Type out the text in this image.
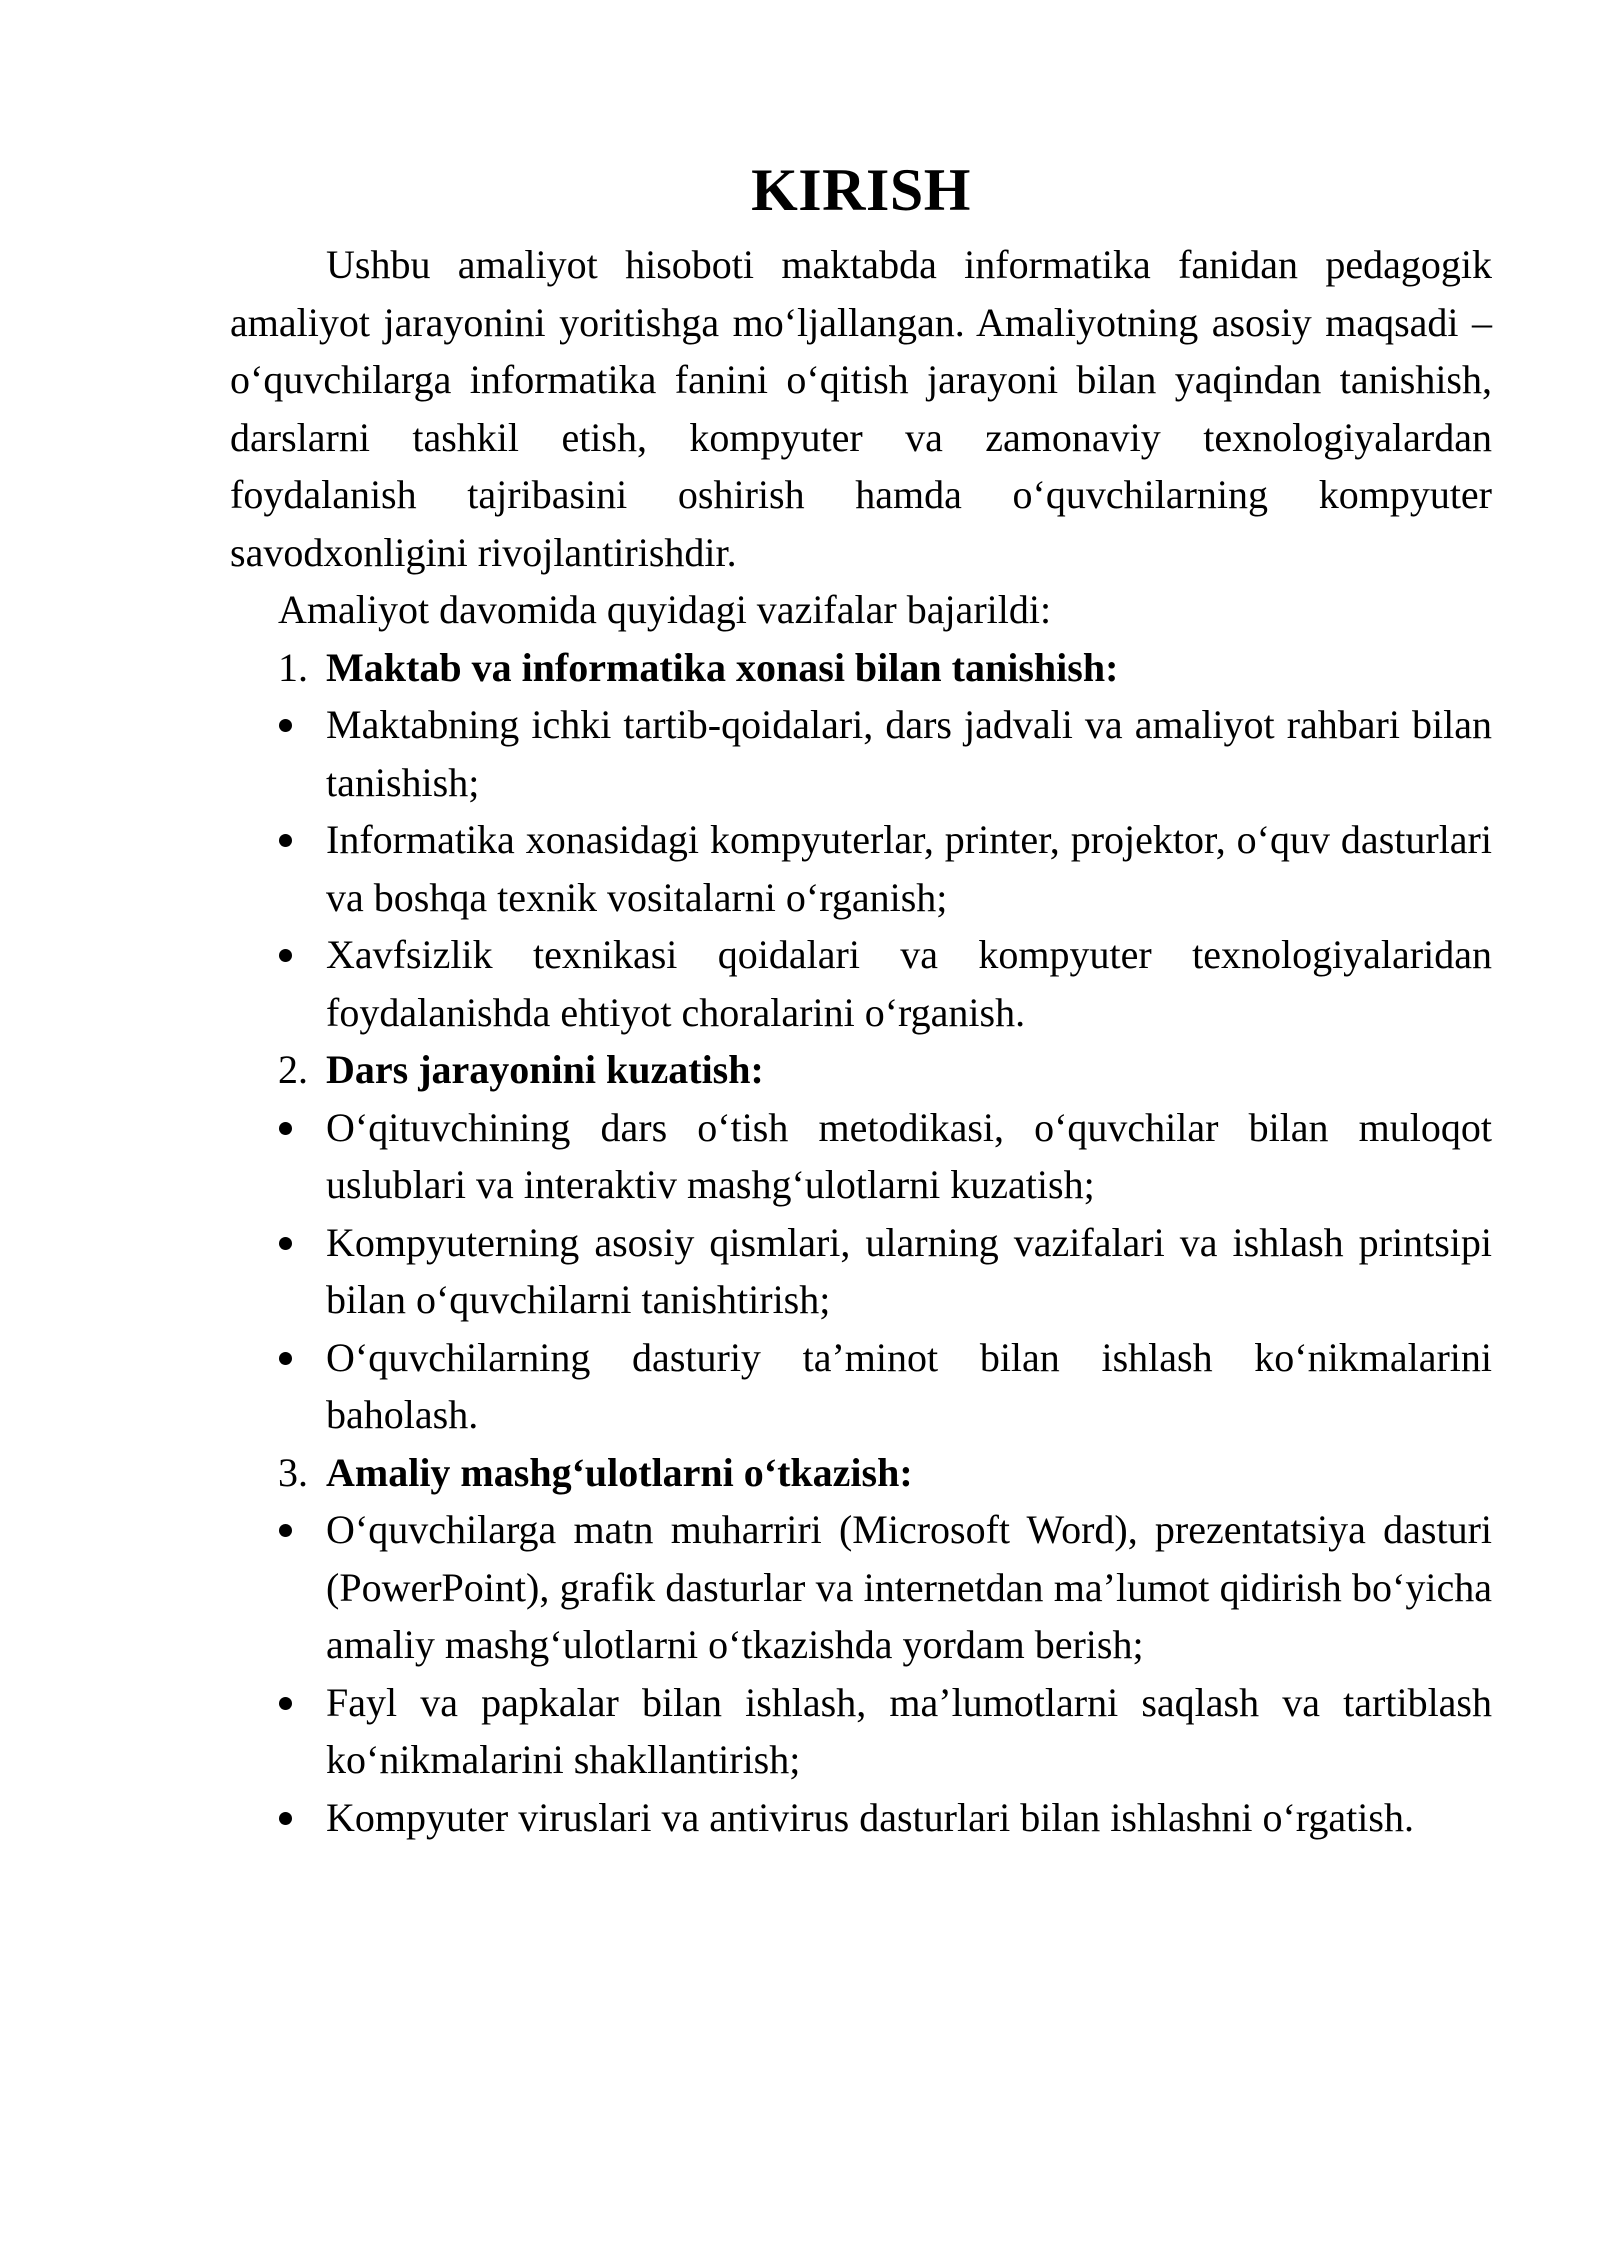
KIRISH

Ushbu amaliyot hisoboti maktabda informatika fanidan pedagogik amaliyot jarayonini yoritishga mo‘ljallangan. Amaliyotning asosiy maqsadi – o‘quvchilarga informatika fanini o‘qitish jarayoni bilan yaqindan tanishish, darslarni tashkil etish, kompyuter va zamonaviy texnologiyalardan foydalanish tajribasini oshirish hamda o‘quvchilarning kompyuter savodxonligini rivojlantirishdir.

Amaliyot davomida quyidagi vazifalar bajarildi:

1. Maktab va informatika xonasi bilan tanishish:

Maktabning ichki tartib-qoidalari, dars jadvali va amaliyot rahbari bilan tanishish;
Informatika xonasidagi kompyuterlar, printer, projektor, o‘quv dasturlari va boshqa texnik vositalarni o‘rganish;
Xavfsizlik texnikasi qoidalari va kompyuter texnologiyalaridan foydalanishda ehtiyot choralarini o‘rganish.

2. Dars jarayonini kuzatish:

O‘qituvchining dars o‘tish metodikasi, o‘quvchilar bilan muloqot uslublari va interaktiv mashg‘ulotlarni kuzatish;
Kompyuterning asosiy qismlari, ularning vazifalari va ishlash printsipi bilan o‘quvchilarni tanishtirish;
O‘quvchilarning dasturiy ta’minot bilan ishlash ko‘nikmalarini baholash.

3. Amaliy mashg‘ulotlarni o‘tkazish:

O‘quvchilarga matn muharriri (Microsoft Word), prezentatsiya dasturi (PowerPoint), grafik dasturlar va internetdan ma’lumot qidirish bo‘yicha amaliy mashg‘ulotlarni o‘tkazishda yordam berish;
Fayl va papkalar bilan ishlash, ma’lumotlarni saqlash va tartiblash ko‘nikmalarini shakllantirish;
Kompyuter viruslari va antivirus dasturlari bilan ishlashni o‘rgatish.
